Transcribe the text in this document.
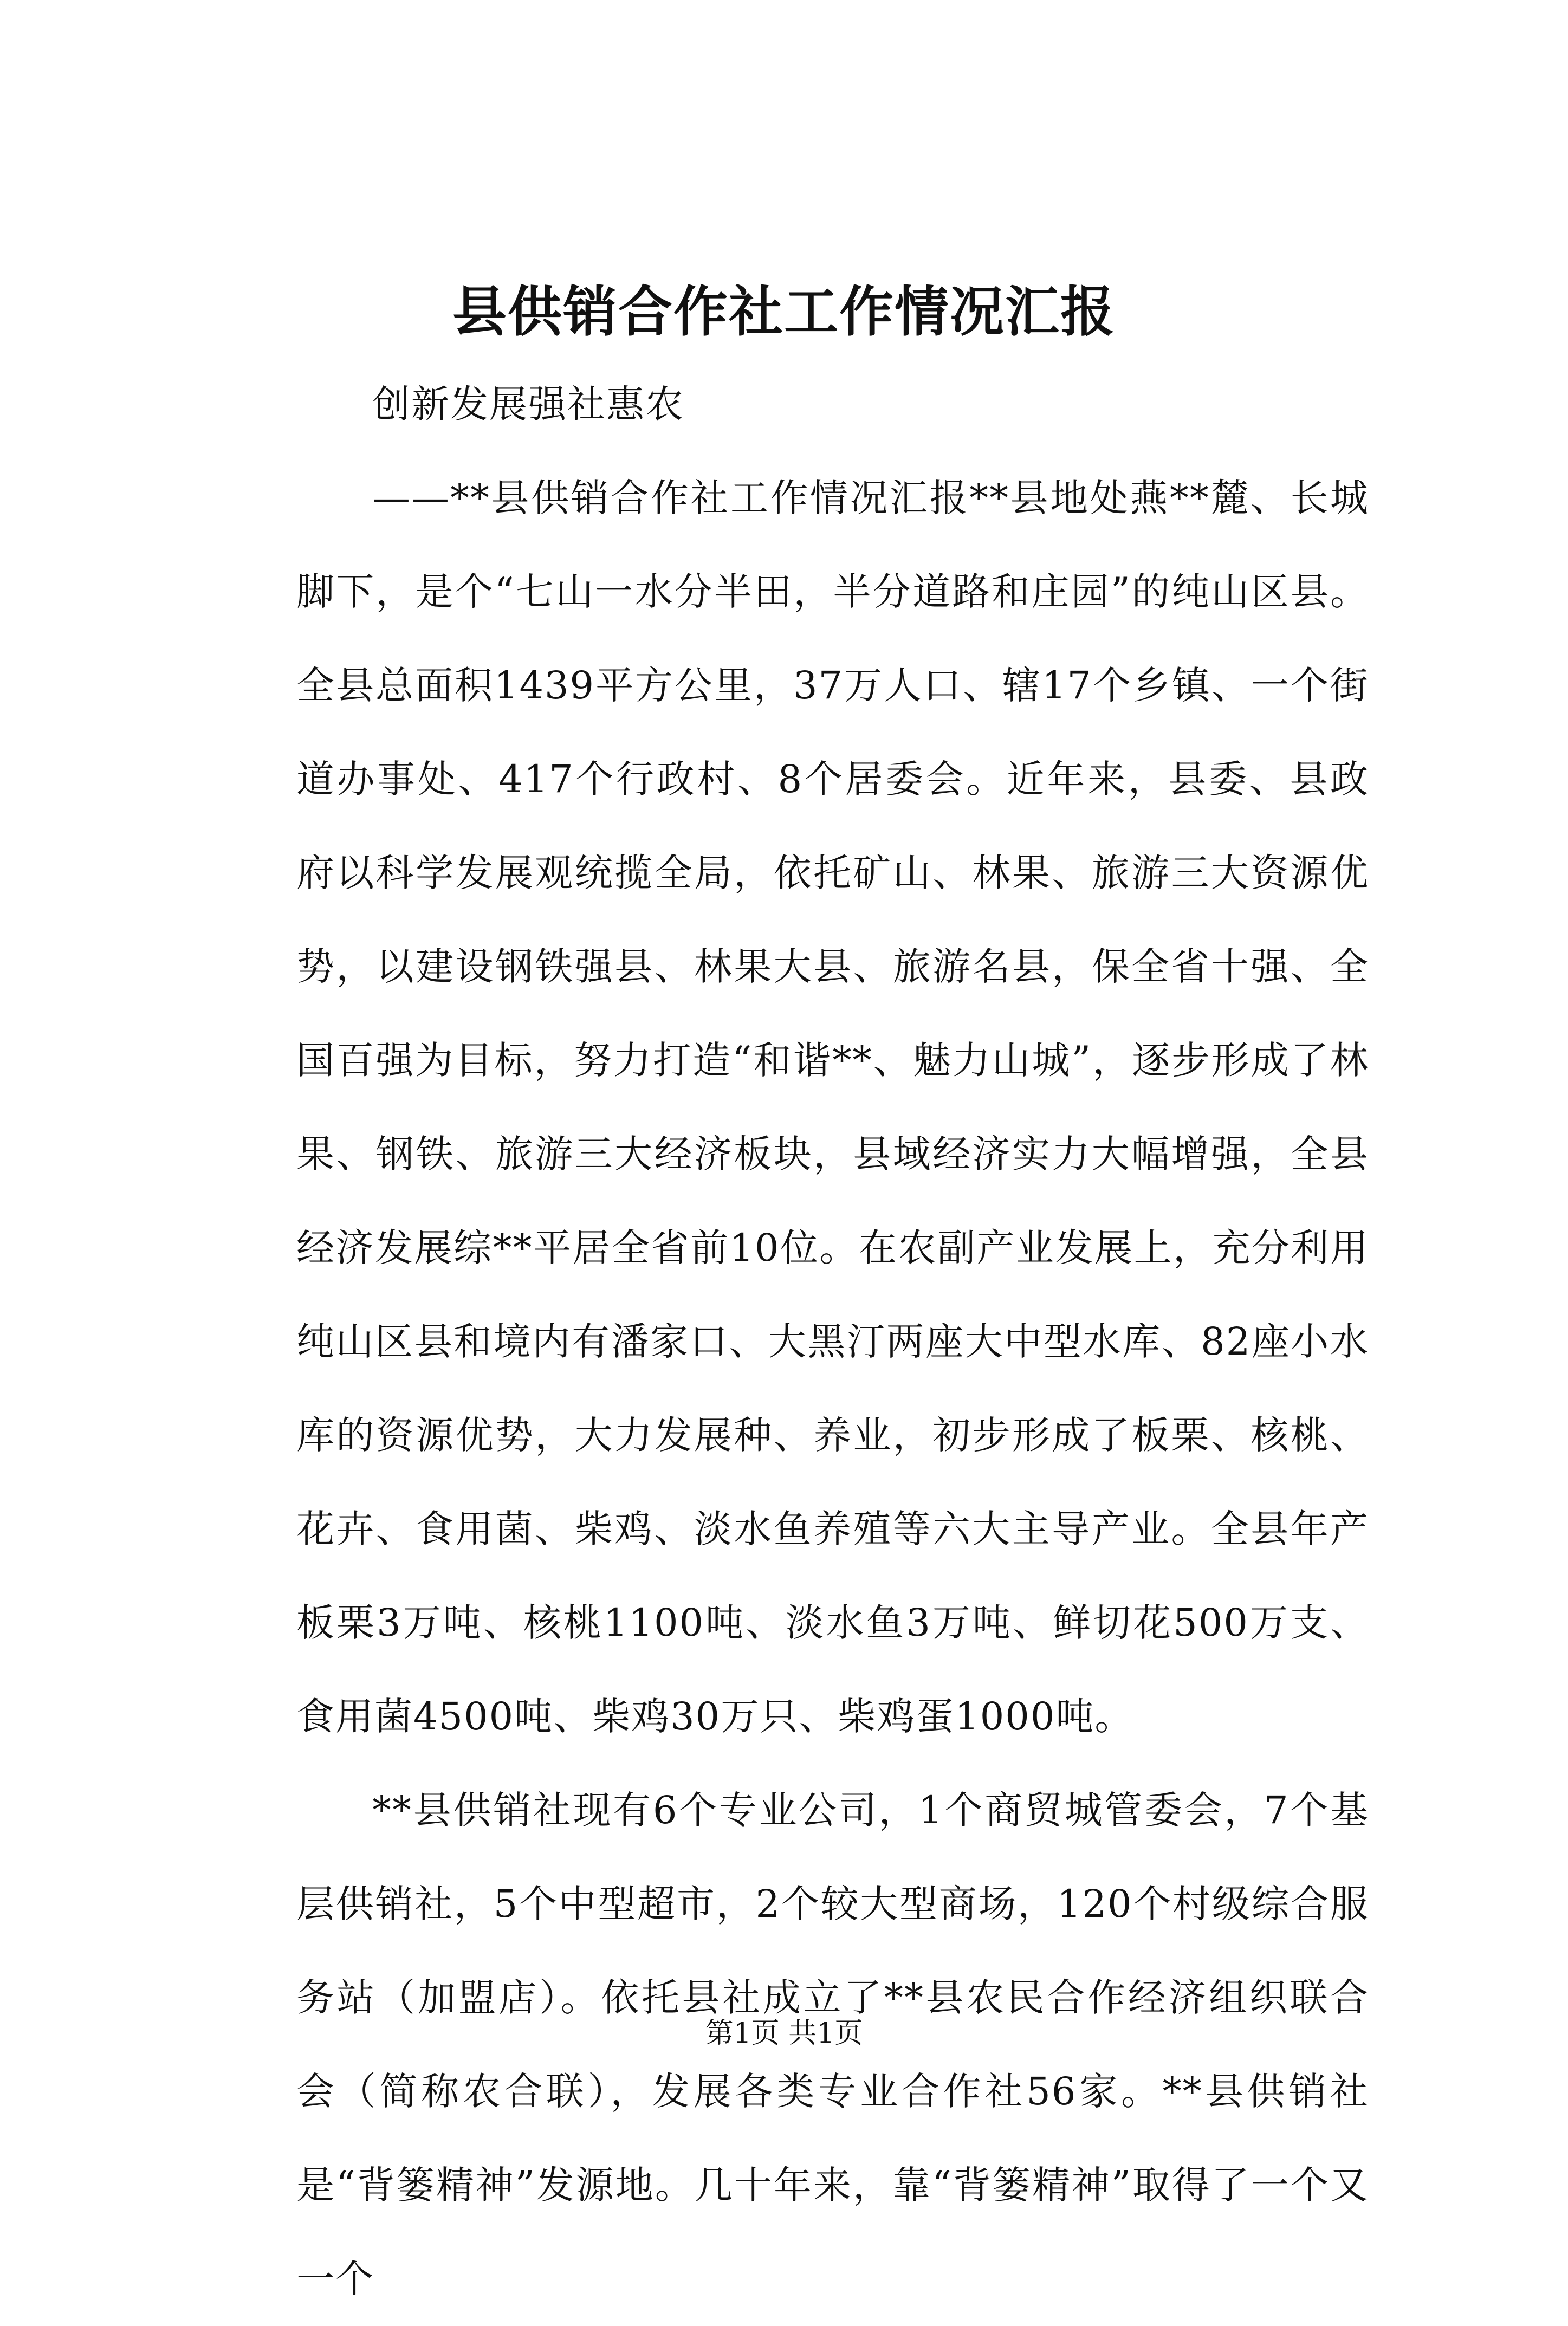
县供销合作社工作情况汇报

创新发展强社惠农

——**县供销合作社工作情况汇报**县地处燕**麓、长城脚下，是个“七山一水分半田，半分道路和庄园”的纯山区县。全县总面积1439平方公里，37万人口、辖17个乡镇、一个街道办事处、417个行政村、8个居委会。近年来，县委、县政府以科学发展观统揽全局，依托矿山、林果、旅游三大资源优势，以建设钢铁强县、林果大县、旅游名县，保全省十强、全国百强为目标，努力打造“和谐**、魅力山城”，逐步形成了林果、钢铁、旅游三大经济板块，县域经济实力大幅增强，全县经济发展综**平居全省前10位。在农副产业发展上，充分利用纯山区县和境内有潘家口、大黑汀两座大中型水库、82座小水库的资源优势，大力发展种、养业，初步形成了板栗、核桃、花卉、食用菌、柴鸡、淡水鱼养殖等六大主导产业。全县年产板栗3万吨、核桃1100吨、淡水鱼3万吨、鲜切花500万支、食用菌4500吨、柴鸡30万只、柴鸡蛋1000吨。

**县供销社现有6个专业公司，1个商贸城管委会，7个基层供销社，5个中型超市，2个较大型商场，120个村级综合服务站（加盟店）。依托县社成立了**县农民合作经济组织联合会（简称农合联），发展各类专业合作社56家。**县供销社是“背篓精神”发源地。几十年来，靠“背篓精神”取得了一个又一个

第1页 共1页
